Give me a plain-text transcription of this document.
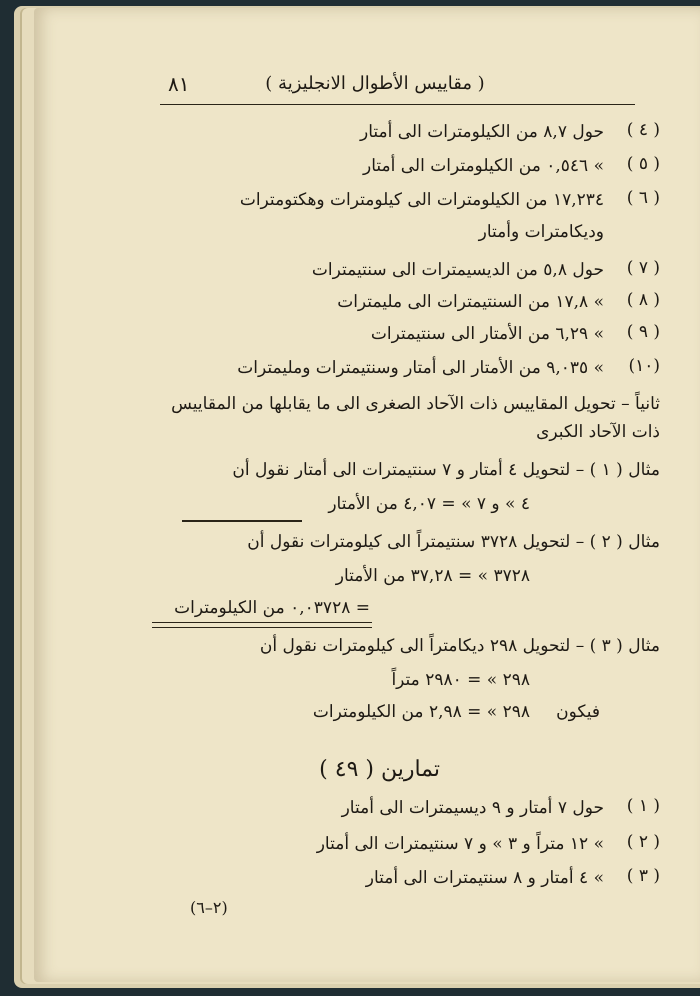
( مقاييس الأطوال الانجليزية )
٨١
( ٤ )
حول ٨,٧ من الكيلومترات الى أمتار
( ٥ )
» ٠,٥٤٦ من الكيلومترات الى أمتار
( ٦ )
١٧,٢٣٤ من الكيلومترات الى كيلومترات وهكتومترات
وديكامترات وأمتار
( ٧ )
حول ٥,٨ من الديسيمترات الى سنتيمترات
( ٨ )
» ١٧,٨ من السنتيمترات الى مليمترات
( ٩ )
» ٦,٢٩ من الأمتار الى سنتيمترات
(١٠)
» ٩,٠٣٥ من الأمتار الى أمتار وسنتيمترات ومليمترات
ثانياً – تحويل المقاييس ذات الآحاد الصغرى الى ما يقابلها من المقاييس
ذات الآحاد الكبرى
مثال ( ١ ) – لتحويل ٤ أمتار و ٧ سنتيمترات الى أمتار نقول أن
٤ » و ٧ » = ٤,٠٧ من الأمتار
مثال ( ٢ ) – لتحويل ٣٧٢٨ سنتيمتراً الى كيلومترات نقول أن
٣٧٢٨ » = ٣٧,٢٨ من الأمتار
= ٠,٠٣٧٢٨ من الكيلومترات
مثال ( ٣ ) – لتحويل ٢٩٨ ديكامتراً الى كيلومترات نقول أن
٢٩٨ » = ٢٩٨٠ متراً
فيكون
٢٩٨ » = ٢,٩٨ من الكيلومترات
تمارين ( ٤٩ )
( ١ )
حول ٧ أمتار و ٩ ديسيمترات الى أمتار
( ٢ )
» ١٢ متراً و ٣ » و ٧ سنتيمترات الى أمتار
( ٣ )
» ٤ أمتار و ٨ سنتيمترات الى أمتار
(٢–٦)
